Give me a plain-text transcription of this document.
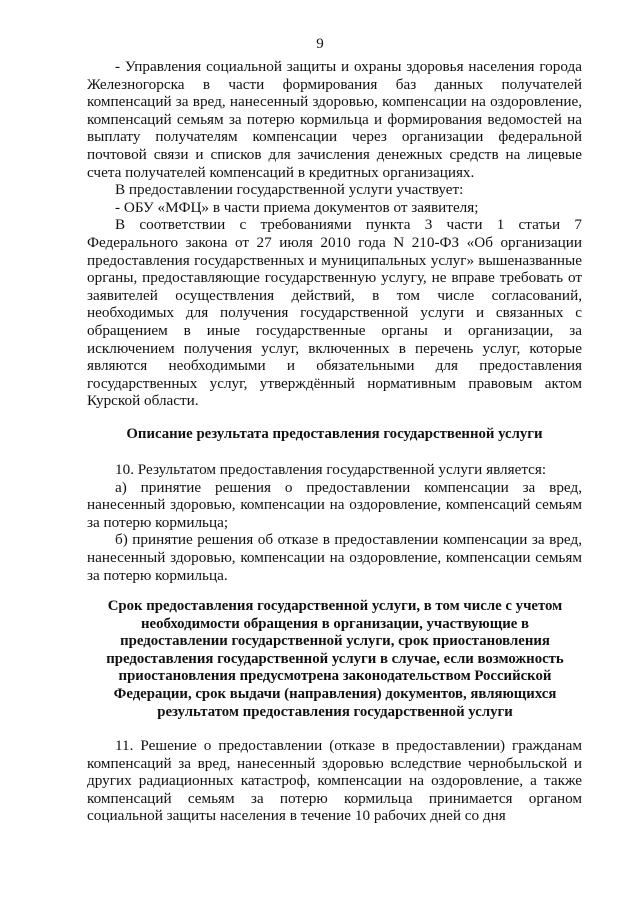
9

- Управления социальной защиты и охраны здоровья населения города Железногорска в части формирования баз данных получателей компенсаций за вред, нанесенный здоровью, компенсации на оздоровление, компенсаций семьям за потерю кормильца и формирования ведомостей на выплату получателям компенсации через организации федеральной почтовой связи и списков для зачисления денежных средств на лицевые счета получателей компенсаций в кредитных организациях.

В предоставлении государственной услуги участвует:

- ОБУ «МФЦ» в части приема документов от заявителя;

В соответствии с требованиями пункта 3 части 1 статьи 7 Федерального закона от 27 июля 2010 года N 210-ФЗ «Об организации предоставления государственных и муниципальных услуг» вышеназванные органы, предоставляющие государственную услугу, не вправе требовать от заявителей осуществления действий, в том числе согласований, необходимых для получения государственной услуги и связанных с обращением в иные государственные органы и организации, за исключением получения услуг, включенных в перечень услуг, которые являются необходимыми и обязательными для предоставления государственных услуг, утверждённый нормативным правовым актом Курской области.

Описание результата предоставления государственной услуги

10. Результатом предоставления государственной услуги является:

а) принятие решения о предоставлении компенсации за вред, нанесенный здоровью, компенсации на оздоровление, компенсаций семьям за потерю кормильца;

б) принятие решения об отказе в предоставлении компенсации за вред, нанесенный здоровью, компенсации на оздоровление, компенсации семьям за потерю кормильца.

Срок предоставления государственной услуги, в том числе с учетом необходимости обращения в организации, участвующие в предоставлении государственной услуги, срок приостановления предоставления государственной услуги в случае, если возможность приостановления предусмотрена законодательством Российской Федерации, срок выдачи (направления) документов, являющихся результатом предоставления государственной услуги

11. Решение о предоставлении (отказе в предоставлении) гражданам компенсаций за вред, нанесенный здоровью вследствие чернобыльской и других радиационных катастроф, компенсации на оздоровление, а также компенсаций семьям за потерю кормильца принимается органом социальной защиты населения в течение 10 рабочих дней со дня
